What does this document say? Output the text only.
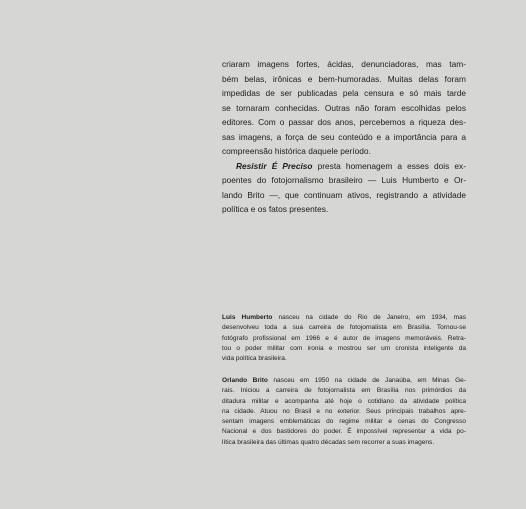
criaram imagens fortes, ácidas, denunciadoras, mas tam-
bém belas, irônicas e bem-humoradas. Muitas delas foram
impedidas de ser publicadas pela censura e só mais tarde
se tornaram conhecidas. Outras não foram escolhidas pelos
editores. Com o passar dos anos, percebemos a riqueza des-
sas imagens, a força de seu conteúdo e a importância para a
compreensão histórica daquele período.
Resistir É Preciso presta homenagem a esses dois ex-
poentes do fotojornalismo brasileiro — Luis Humberto e Or-
lando Brito —, que continuam ativos, registrando a atividade
política e os fatos presentes.
Luis Humberto nasceu na cidade do Rio de Janeiro, em 1934, mas
desenvolveu toda a sua carreira de fotojornalista em Brasília. Tornou-se
fotógrafo profissional em 1966 e é autor de imagens memoráveis. Retra-
tou o poder militar com ironia e mostrou ser um cronista inteligente da
vida política brasileira.
Orlando Brito nasceu em 1950 na cidade de Janaúba, em Minas Ge-
rais. Iniciou a carreira de fotojornalista em Brasília nos primórdios da
ditadura militar e acompanha até hoje o cotidiano da atividade política
na cidade. Atuou no Brasil e no exterior. Seus principais trabalhos apre-
sentam imagens emblemáticas do regime militar e cenas do Congresso
Nacional e dos bastidores do poder. É impossível representar a vida po-
lítica brasileira das últimas quatro décadas sem recorrer a suas imagens.
